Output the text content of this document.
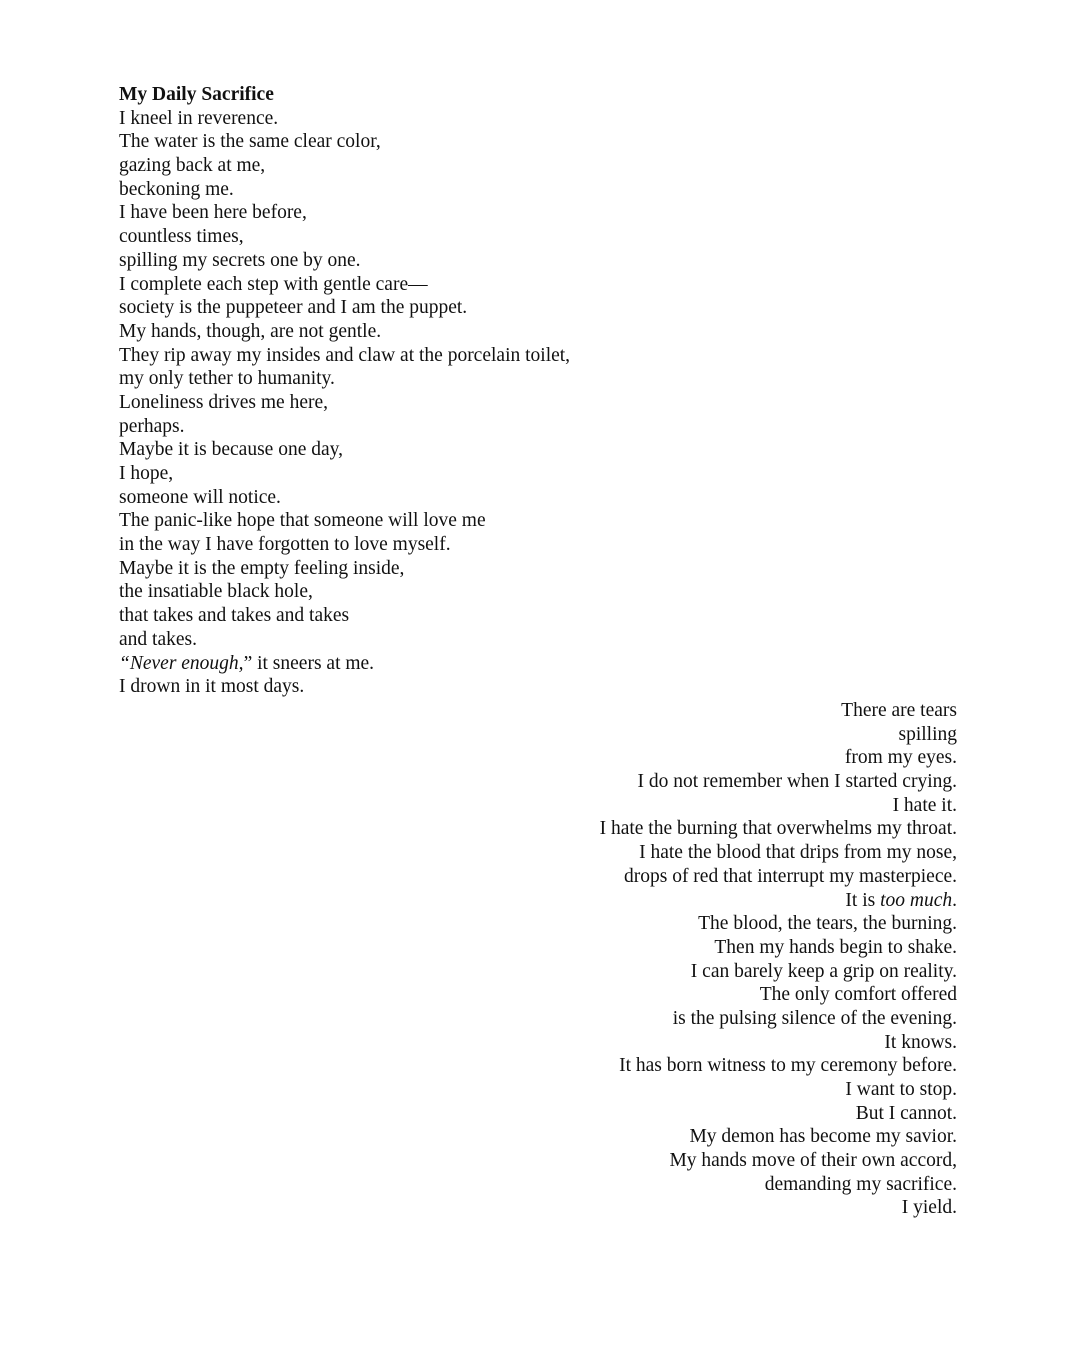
My Daily Sacrifice
I kneel in reverence.
The water is the same clear color,
gazing back at me,
beckoning me.
I have been here before,
countless times,
spilling my secrets one by one.
I complete each step with gentle care—
society is the puppeteer and I am the puppet.
My hands, though, are not gentle.
They rip away my insides and claw at the porcelain toilet,
my only tether to humanity.
Loneliness drives me here,
perhaps.
Maybe it is because one day,
I hope,
someone will notice.
The panic-like hope that someone will love me
in the way I have forgotten to love myself.
Maybe it is the empty feeling inside,
the insatiable black hole,
that takes and takes and takes
and takes.
“Never enough,” it sneers at me.
I drown in it most days.
There are tears
spilling
from my eyes.
I do not remember when I started crying.
I hate it.
I hate the burning that overwhelms my throat.
I hate the blood that drips from my nose,
drops of red that interrupt my masterpiece.
It is too much.
The blood, the tears, the burning.
Then my hands begin to shake.
I can barely keep a grip on reality.
The only comfort offered
is the pulsing silence of the evening.
It knows.
It has born witness to my ceremony before.
I want to stop.
But I cannot.
My demon has become my savior.
My hands move of their own accord,
demanding my sacrifice.
I yield.
